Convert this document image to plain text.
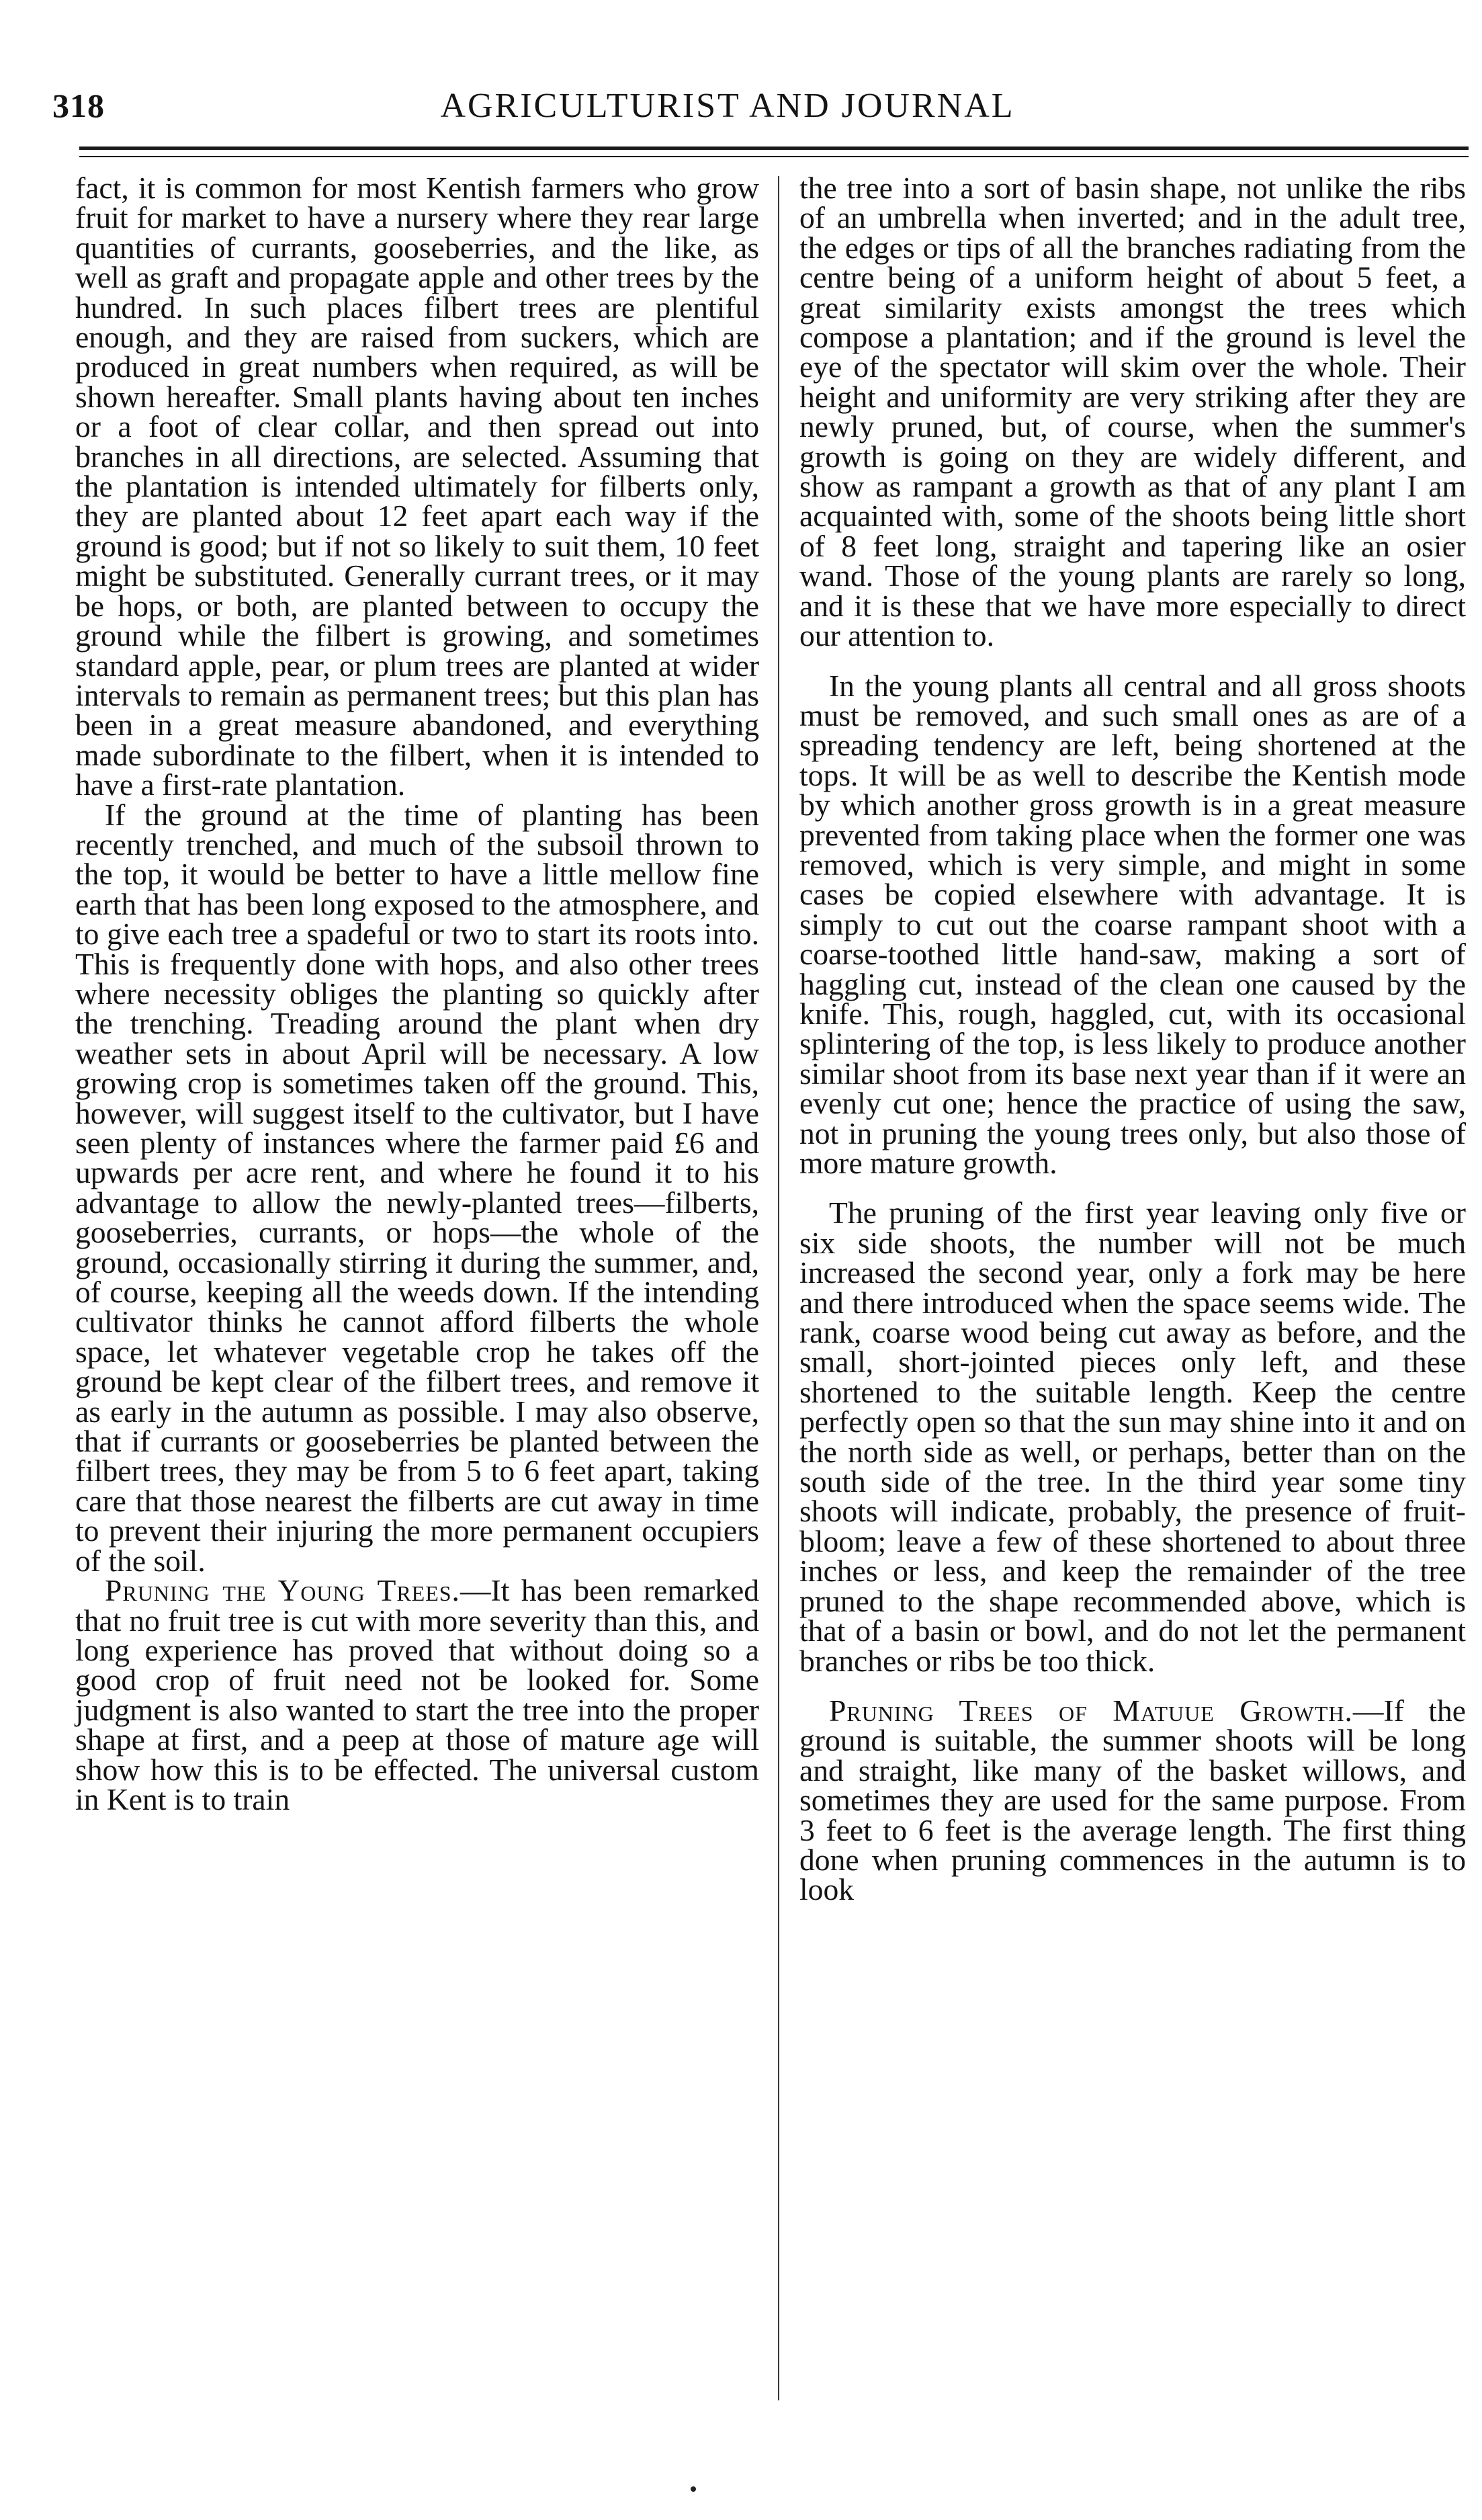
318	AGRICULTURIST AND JOURNAL

fact, it is common for most Kentish farmers who grow fruit for market to have a nursery where they rear large quantities of currants, gooseberries, and the like, as well as graft and propagate apple and other trees by the hundred. In such places filbert trees are plentiful enough, and they are raised from suckers, which are produced in great numbers when required, as will be shown hereafter. Small plants having about ten inches or a foot of clear collar, and then spread out into branches in all directions, are selected. Assuming that the plantation is intended ultimately for filberts only, they are planted about 12 feet apart each way if the ground is good; but if not so likely to suit them, 10 feet might be substituted. Generally currant trees, or it may be hops, or both, are planted between to occupy the ground while the filbert is growing, and sometimes standard apple, pear, or plum trees are planted at wider intervals to remain as permanent trees; but this plan has been in a great measure abandoned, and everything made subordinate to the filbert, when it is intended to have a first-rate plantation.

If the ground at the time of planting has been recently trenched, and much of the subsoil thrown to the top, it would be better to have a little mellow fine earth that has been long exposed to the atmosphere, and to give each tree a spadeful or two to start its roots into. This is frequently done with hops, and also other trees where necessity obliges the planting so quickly after the trenching. Treading around the plant when dry weather sets in about April will be necessary. A low growing crop is sometimes taken off the ground. This, however, will suggest itself to the cultivator, but I have seen plenty of instances where the farmer paid £6 and upwards per acre rent, and where he found it to his advantage to allow the newly-planted trees—filberts, gooseberries, currants, or hops—the whole of the ground, occasionally stirring it during the summer, and, of course, keeping all the weeds down. If the intending cultivator thinks he cannot afford filberts the whole space, let whatever vegetable crop he takes off the ground be kept clear of the filbert trees, and remove it as early in the autumn as possible. I may also observe, that if currants or gooseberries be planted between the filbert trees, they may be from 5 to 6 feet apart, taking care that those nearest the filberts are cut away in time to prevent their injuring the more permanent occupiers of the soil.

Pruning the Young Trees.—It has been remarked that no fruit tree is cut with more severity than this, and long experience has proved that without doing so a good crop of fruit need not be looked for. Some judgment is also wanted to start the tree into the proper shape at first, and a peep at those of mature age will show how this is to be effected. The universal custom in Kent is to train

the tree into a sort of basin shape, not unlike the ribs of an umbrella when inverted; and in the adult tree, the edges or tips of all the branches radiating from the centre being of a uniform height of about 5 feet, a great similarity exists amongst the trees which compose a plantation; and if the ground is level the eye of the spectator will skim over the whole. Their height and uniformity are very striking after they are newly pruned, but, of course, when the summer's growth is going on they are widely different, and show as rampant a growth as that of any plant I am acquainted with, some of the shoots being little short of 8 feet long, straight and tapering like an osier wand. Those of the young plants are rarely so long, and it is these that we have more especially to direct our attention to.

In the young plants all central and all gross shoots must be removed, and such small ones as are of a spreading tendency are left, being shortened at the tops. It will be as well to describe the Kentish mode by which another gross growth is in a great measure prevented from taking place when the former one was removed, which is very simple, and might in some cases be copied elsewhere with advantage. It is simply to cut out the coarse rampant shoot with a coarse-toothed little hand-saw, making a sort of haggling cut, instead of the clean one caused by the knife. This, rough, haggled, cut, with its occasional splintering of the top, is less likely to produce another similar shoot from its base next year than if it were an evenly cut one; hence the practice of using the saw, not in pruning the young trees only, but also those of more mature growth.

The pruning of the first year leaving only five or six side shoots, the number will not be much increased the second year, only a fork may be here and there introduced when the space seems wide. The rank, coarse wood being cut away as before, and the small, short-jointed pieces only left, and these shortened to the suitable length. Keep the centre perfectly open so that the sun may shine into it and on the north side as well, or perhaps, better than on the south side of the tree. In the third year some tiny shoots will indicate, probably, the presence of fruit-bloom; leave a few of these shortened to about three inches or less, and keep the remainder of the tree pruned to the shape recommended above, which is that of a basin or bowl, and do not let the permanent branches or ribs be too thick.

Pruning Trees of Matuue Growth.—If the ground is suitable, the summer shoots will be long and straight, like many of the basket willows, and sometimes they are used for the same purpose. From 3 feet to 6 feet is the average length. The first thing done when pruning commences in the autumn is to look
